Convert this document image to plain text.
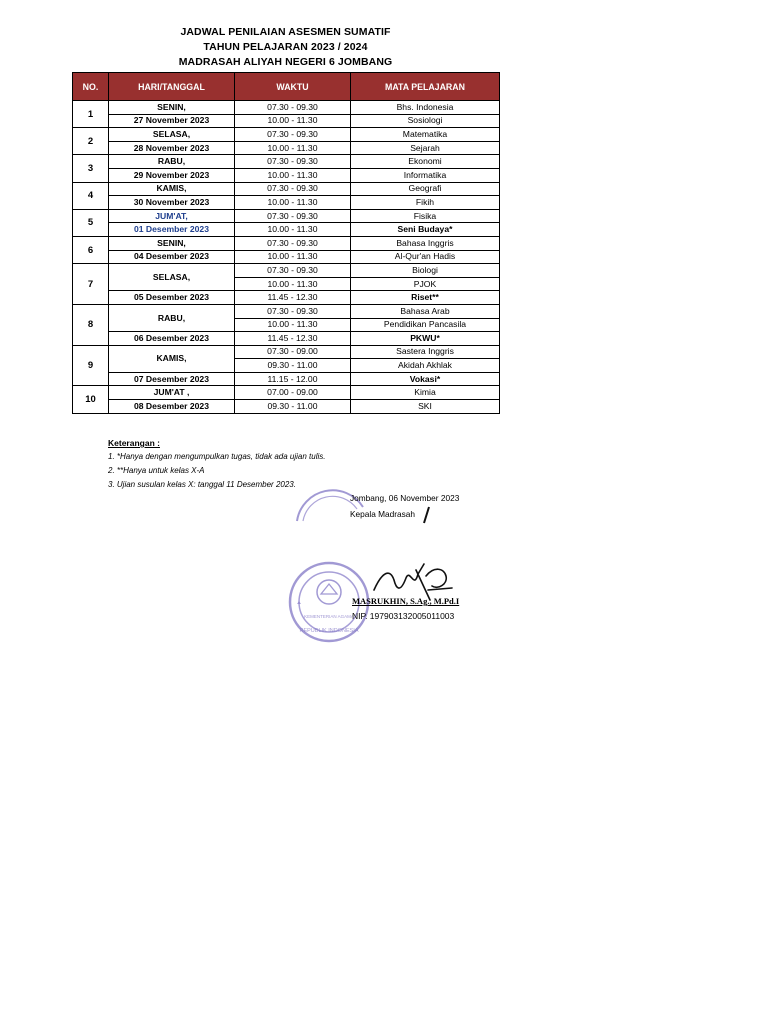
JADWAL PENILAIAN ASESMEN SUMATIF
TAHUN PELAJARAN 2023 / 2024
MADRASAH ALIYAH NEGERI 6 JOMBANG
NO.	HARI/TANGGAL	WAKTU	MATA PELAJARAN
1	SENIN,	07.30 - 09.30	Bhs. Indonesia
	27 November 2023	10.00 - 11.30	Sosiologi
2	SELASA,	07.30 - 09.30	Matematika
	28 November 2023	10.00 - 11.30	Sejarah
3	RABU,	07.30 - 09.30	Ekonomi
	29 November 2023	10.00 - 11.30	Informatika
4	KAMIS,	07.30 - 09.30	Geografi
	30 November 2023	10.00 - 11.30	Fikih
5	JUM'AT,	07.30 - 09.30	Fisika
	01 Desember 2023	10.00 - 11.30	Seni Budaya*
6	SENIN,	07.30 - 09.30	Bahasa Inggris
	04 Desember 2023	10.00 - 11.30	Al-Qur'an Hadis
7	SELASA,	07.30 - 09.30	Biologi
		10.00 - 11.30	PJOK
	05 Desember 2023	11.45 - 12.30	Riset**
8	RABU,	07.30 - 09.30	Bahasa Arab
		10.00 - 11.30	Pendidikan Pancasila
	06 Desember 2023	11.45 - 12.30	PKWU*
9	KAMIS,	07.30 - 09.00	Sastera Inggris
		09.30 - 11.00	Akidah Akhlak
	07 Desember 2023	11.15 - 12.00	Vokasi*
10	JUM'AT ,	07.00 - 09.00	Kimia
	08 Desember 2023	09.30 - 11.00	SKI
Keterangan :
1. *Hanya dengan mengumpulkan tugas, tidak ada ujian tulis.
2. **Hanya untuk kelas X-A
3. Ujian susulan kelas X: tanggal 11 Desember 2023.
Jombang, 06 November 2023
Kepala Madrasah
KEMENTERIAN AGAMA
REPUBLIK INDONESIA
MASRUKHIN, S.Ag., M.Pd.I
NIP. 197903132005011003
